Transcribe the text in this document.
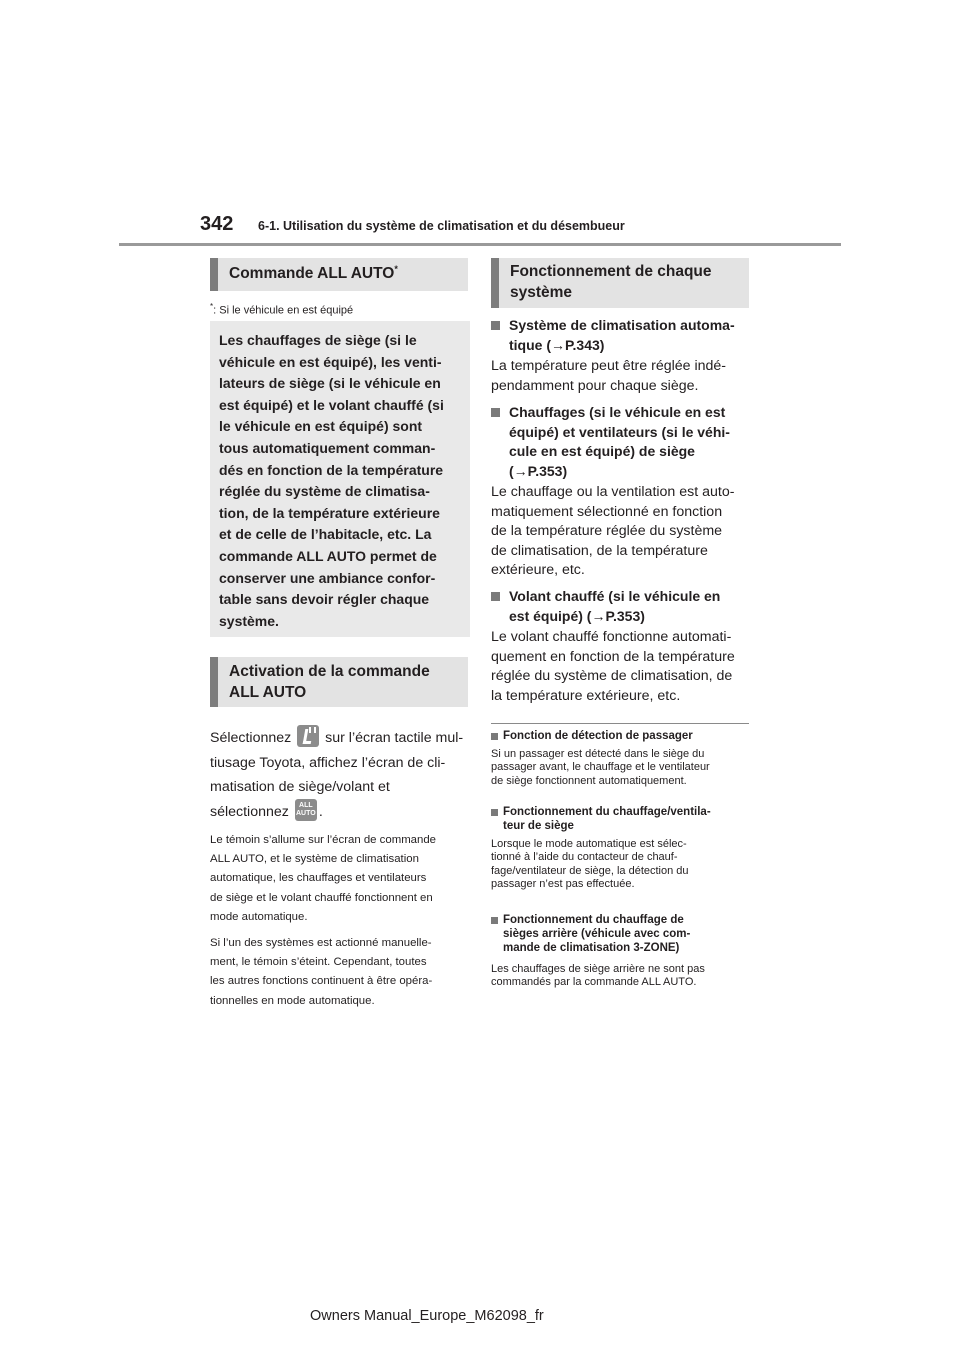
342 6-1. Utilisation du système de climatisation et du désembueur
Commande ALL AUTO*
*: Si le véhicule en est équipé
Les chauffages de siège (si le
véhicule en est équipé), les venti-
lateurs de siège (si le véhicule en
est équipé) et le volant chauffé (si
le véhicule en est équipé) sont
tous automatiquement comman-
dés en fonction de la température
réglée du système de climatisa-
tion, de la température extérieure
et de celle de l’habitacle, etc. La
commande ALL AUTO permet de
conserver une ambiance confor-
table sans devoir régler chaque
système.
Activation de la commande
ALL AUTO
Sélectionnez sur l’écran tactile mul-
tiusage Toyota, affichez l’écran de cli-
matisation de siège/volant et
sélectionnez ALL AUTO .
Le témoin s’allume sur l’écran de commande
ALL AUTO, et le système de climatisation
automatique, les chauffages et ventilateurs
de siège et le volant chauffé fonctionnent en
mode automatique.
Si l’un des systèmes est actionné manuelle-
ment, le témoin s’éteint. Cependant, toutes
les autres fonctions continuent à être opéra-
tionnelles en mode automatique.
Fonctionnement de chaque
système
Système de climatisation automa-
tique (→P.343)
La température peut être réglée indé-
pendamment pour chaque siège.
Chauffages (si le véhicule en est
équipé) et ventilateurs (si le véhi-
cule en est équipé) de siège
(→P.353)
Le chauffage ou la ventilation est auto-
matiquement sélectionné en fonction
de la température réglée du système
de climatisation, de la température
extérieure, etc.
Volant chauffé (si le véhicule en
est équipé) (→P.353)
Le volant chauffé fonctionne automati-
quement en fonction de la température
réglée du système de climatisation, de
la température extérieure, etc.
Fonction de détection de passager
Si un passager est détecté dans le siège du
passager avant, le chauffage et le ventilateur
de siège fonctionnent automatiquement.
Fonctionnement du chauffage/ventila-
teur de siège
Lorsque le mode automatique est sélec-
tionné à l’aide du contacteur de chauf-
fage/ventilateur de siège, la détection du
passager n’est pas effectuée.
Fonctionnement du chauffage de
sièges arrière (véhicule avec com-
mande de climatisation 3-ZONE)
Les chauffages de siège arrière ne sont pas
commandés par la commande ALL AUTO.
Owners Manual_Europe_M62098_fr
